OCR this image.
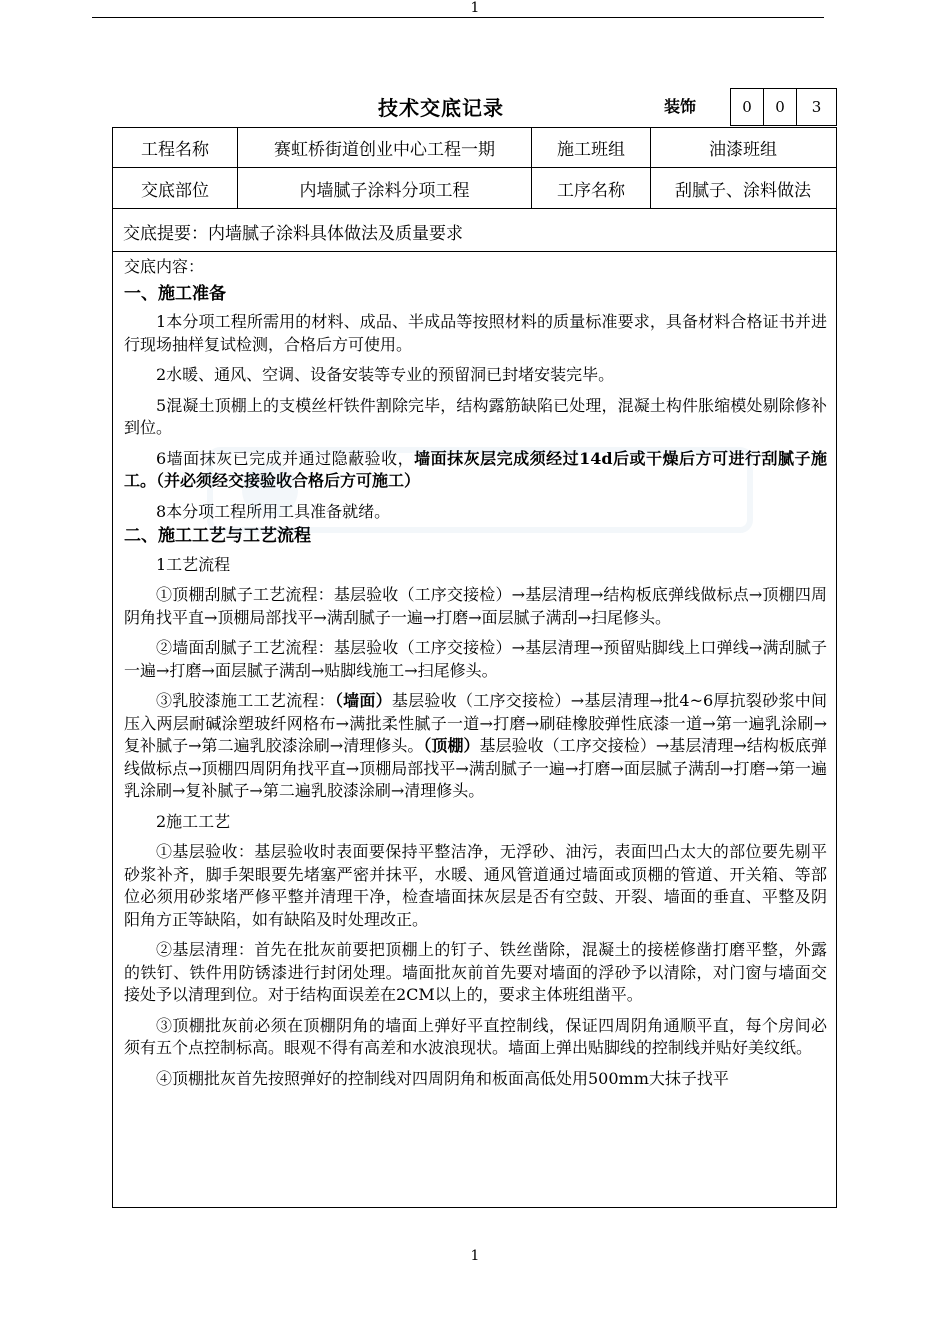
1
技术交底记录	装饰	0	0	3
工程名称	赛虹桥街道创业中心工程一期	施工班组	油漆班组
交底部位	内墙腻子涂料分项工程	工序名称	刮腻子、涂料做法
交底提要：内墙腻子涂料具体做法及质量要求

交底内容：

一、施工准备

1本分项工程所需用的材料、成品、半成品等按照材料的质量标准要求，具备材料合格证书并进行现场抽样复试检测，合格后方可使用。

2水暖、通风、空调、设备安装等专业的预留洞已封堵安装完毕。

5混凝土顶棚上的支模丝杆铁件割除完毕，结构露筋缺陷已处理，混凝土构件胀缩模处剔除修补到位。

6墙面抹灰已完成并通过隐蔽验收，墙面抹灰层完成须经过14d后或干燥后方可进行刮腻子施工。（并必须经交接验收合格后方可施工）

8本分项工程所用工具准备就绪。

二、施工工艺与工艺流程

1工艺流程

①顶棚刮腻子工艺流程：基层验收（工序交接检）→基层清理→结构板底弹线做标点→顶棚四周阴角找平直→顶棚局部找平→满刮腻子一遍→打磨→面层腻子满刮→扫尾修头。

②墙面刮腻子工艺流程：基层验收（工序交接检）→基层清理→预留贴脚线上口弹线→满刮腻子一遍→打磨→面层腻子满刮→贴脚线施工→扫尾修头。

③乳胶漆施工工艺流程：（墙面）基层验收（工序交接检）→基层清理→批4~6厚抗裂砂浆中间压入两层耐碱涂塑玻纤网格布→满批柔性腻子一道→打磨→刷硅橡胶弹性底漆一道→第一遍乳涂刷→复补腻子→第二遍乳胶漆涂刷→清理修头。（顶棚）基层验收（工序交接检）→基层清理→结构板底弹线做标点→顶棚四周阴角找平直→顶棚局部找平→满刮腻子一遍→打磨→面层腻子满刮→打磨→第一遍乳涂刷→复补腻子→第二遍乳胶漆涂刷→清理修头。

2施工工艺

①基层验收：基层验收时表面要保持平整洁净，无浮砂、油污，表面凹凸太大的部位要先剔平砂浆补齐，脚手架眼要先堵塞严密并抹平，水暖、通风管道通过墙面或顶棚的管道、开关箱、等部位必须用砂浆堵严修平整并清理干净，检查墙面抹灰层是否有空鼓、开裂、墙面的垂直、平整及阴阳角方正等缺陷，如有缺陷及时处理改正。

②基层清理：首先在批灰前要把顶棚上的钉子、铁丝凿除，混凝土的接槎修凿打磨平整，外露的铁钉、铁件用防锈漆进行封闭处理。墙面批灰前首先要对墙面的浮砂予以清除，对门窗与墙面交接处予以清理到位。对于结构面误差在2CM以上的，要求主体班组凿平。

③顶棚批灰前必须在顶棚阴角的墙面上弹好平直控制线，保证四周阴角通顺平直，每个房间必须有五个点控制标高。眼观不得有高差和水波浪现状。墙面上弹出贴脚线的控制线并贴好美纹纸。

④顶棚批灰首先按照弹好的控制线对四周阴角和板面高低处用500mm大抹子找平

1
